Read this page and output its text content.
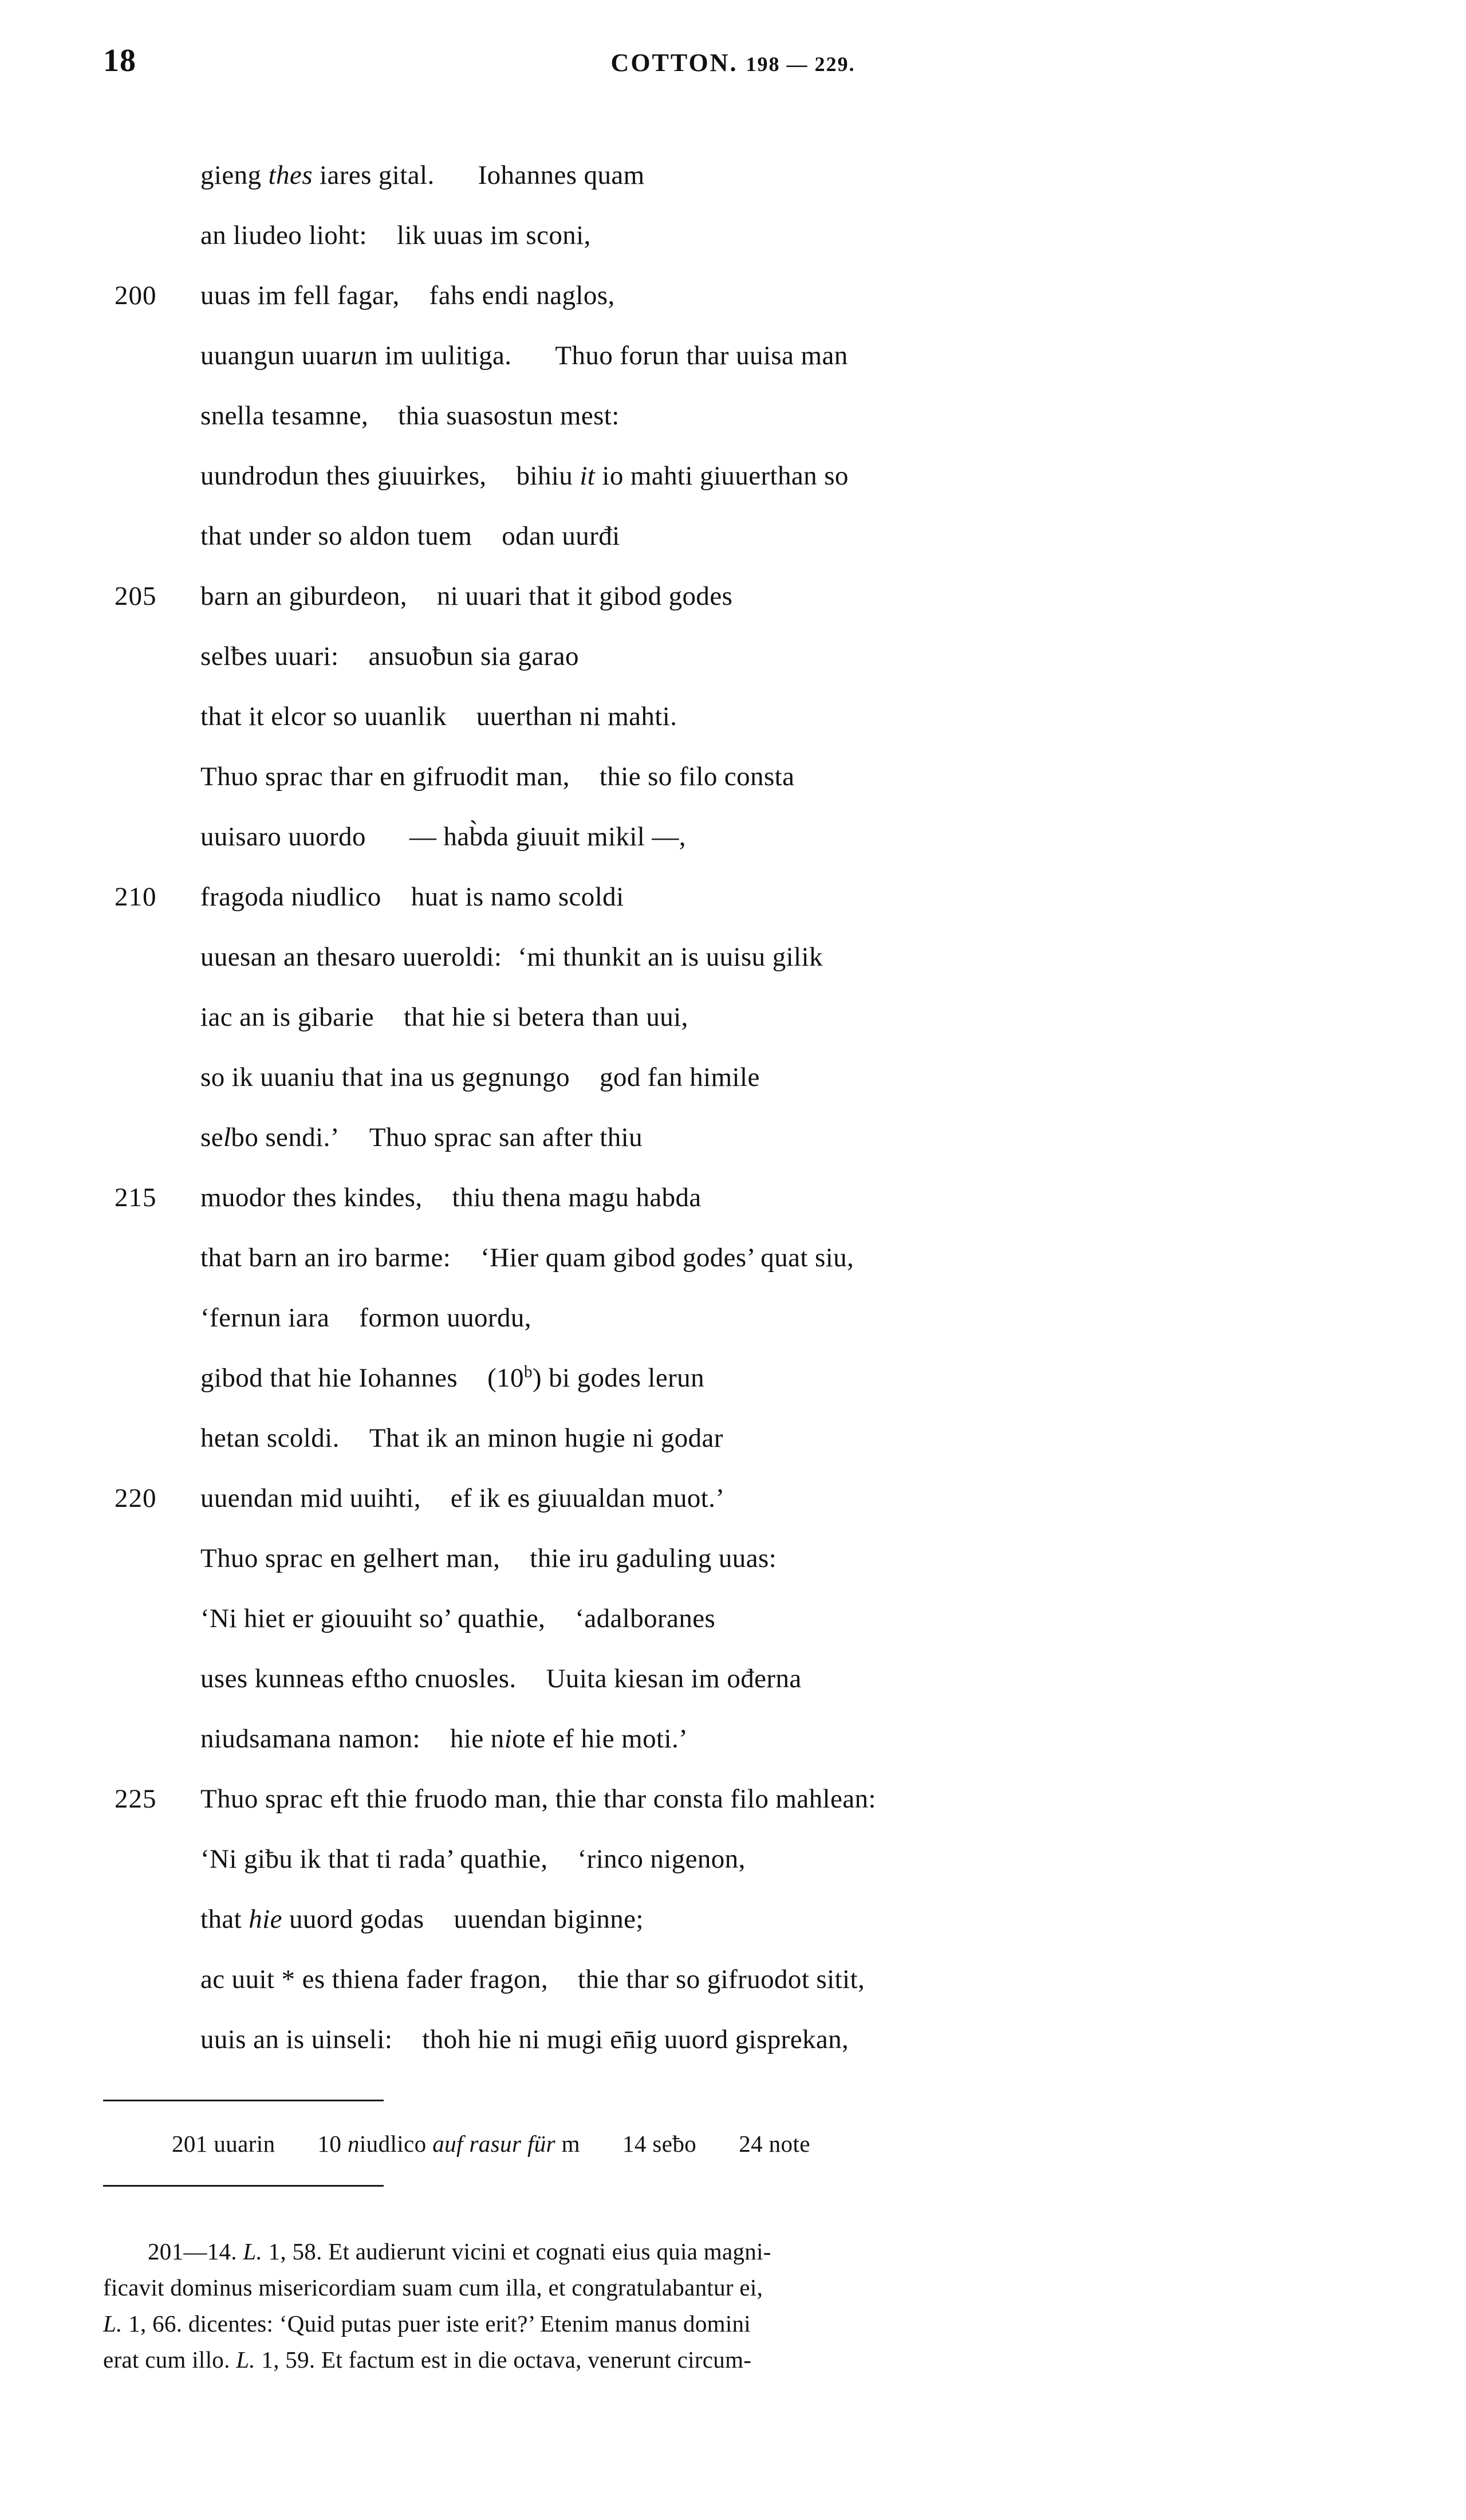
18	COTTON. 198 — 229.
gieng thes iares gital. Iohannes quam
an liudeo lioht: lik uuas im sconi,
200	uuas im fell fagar, fahs endi naglos,
uuangun uuarun im uulitiga. Thuo forun thar uuisa man
snella tesamne, thia suasostun mest:
uundrodun thes giuuirkes, bihiu it io mahti giuuerthan so
that under so aldon tuem odan uurđi
205	barn an giburdeon, ni uuari that it gibod godes
selƀes uuari: ansuoƀun sia garao
that it elcor so uuanlik uuerthan ni mahti.
Thuo sprac thar en gifruodit man, thie so filo consta
uuisaro uuordo — hab̀da giuuit mikil —,
210	fragoda niudlico huat is namo scoldi
uuesan an thesaro uueroldi: ‘mi thunkit an is uuisu gilik
iac an is gibarie that hie si betera than uui,
so ik uuaniu that ina us gegnungo god fan himile
selbo sendi.’ Thuo sprac san after thiu
215	muodor thes kindes, thiu thena magu habda
that barn an iro barme: ‘Hier quam gibod godes’ quat siu,
‘fernun iara formon uuordu,
gibod that hie Iohannes (10$^b$) bi godes lerun
hetan scoldi. That ik an minon hugie ni godar
220	uuendan mid uuihti, ef ik es giuualdan muot.’
Thuo sprac en gelhert man, thie iru gaduling uuas:
‘Ni hiet er giouuiht so’ quathie, ‘adalboranes
uses kunneas eftho cnuosles. Uuita kiesan im ođerna
niudsamana namon: hie niote ef hie moti.’
225	Thuo sprac eft thie fruodo man, thie thar consta filo mahlean:
‘Ni giƀu ik that ti rada’ quathie, ‘rinco nigenon,
that hie uuord godas uuendan biginne;
ac uuit * es thiena fader fragon, thie thar so gifruodot sitit,
uuis an is uinseli: thoh hie ni mugi en̄ig uuord gisprekan,
201 uuarin 10 niudlico auf rasur für m 14 seƀo 24 note
201—14. L. 1, 58. Et audierunt vicini et cognati eius quia magni-
ficavit dominus misericordiam suam cum illa, et congratulabantur ei,
L. 1, 66. dicentes: ‘Quid putas puer iste erit?’ Etenim manus domini
erat cum illo. L. 1, 59. Et factum est in die octava, venerunt circum-
